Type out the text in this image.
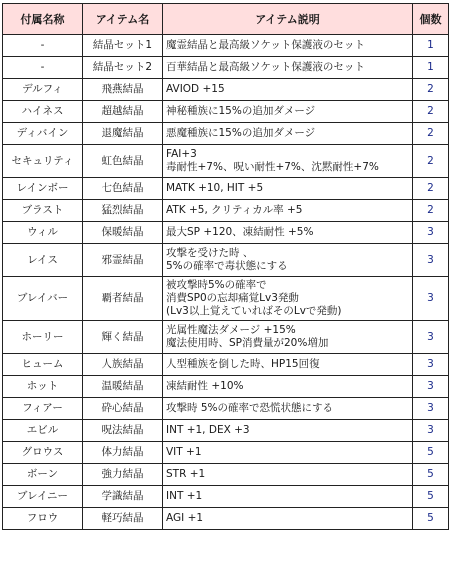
付属名称	アイテム名	アイテム説明	個数
-	結晶セット1	魔霊結晶と最高級ソケット保護液のセット	1
-	結晶セット2	百華結晶と最高級ソケット保護液のセット	1
デルフィ	飛燕結晶	AVIOD +15	2
ハイネス	超越結晶	神秘種族に15%の追加ダメージ	2
ディバイン	退魔結晶	悪魔種族に15%の追加ダメージ	2
セキュリティ	虹色結晶	FAI+3
毒耐性+7%、呪い耐性+7%、沈黙耐性+7%	2
レインボー	七色結晶	MATK +10, HIT +5	2
ブラスト	猛烈結晶	ATK +5, クリティカル率 +5	2
ウィル	保暖結晶	最大SP +120、凍結耐性 +5%	3
レイス	邪霊結晶	攻撃を受けた時 、
5%の確率で毒状態にする	3
ブレイバー	覇者結晶	被攻撃時5%の確率で
消費SP0の忘却痛覚Lv3発動
(Lv3以上覚えていればそのLvで発動)	3
ホーリー	輝く結晶	光属性魔法ダメージ +15%
魔法使用時、SP消費量が20%増加	3
ヒューム	人族結晶	人型種族を倒した時、HP15回復	3
ホット	温暖結晶	凍結耐性 +10%	3
フィアー	砕心結晶	攻撃時 5%の確率で恐慌状態にする	3
エビル	呪法結晶	INT +1, DEX +3	3
グロウス	体力結晶	VIT +1	5
ボーン	強力結晶	STR +1	5
ブレイニー	学識結晶	INT +1	5
フロウ	軽巧結晶	AGI +1	5
